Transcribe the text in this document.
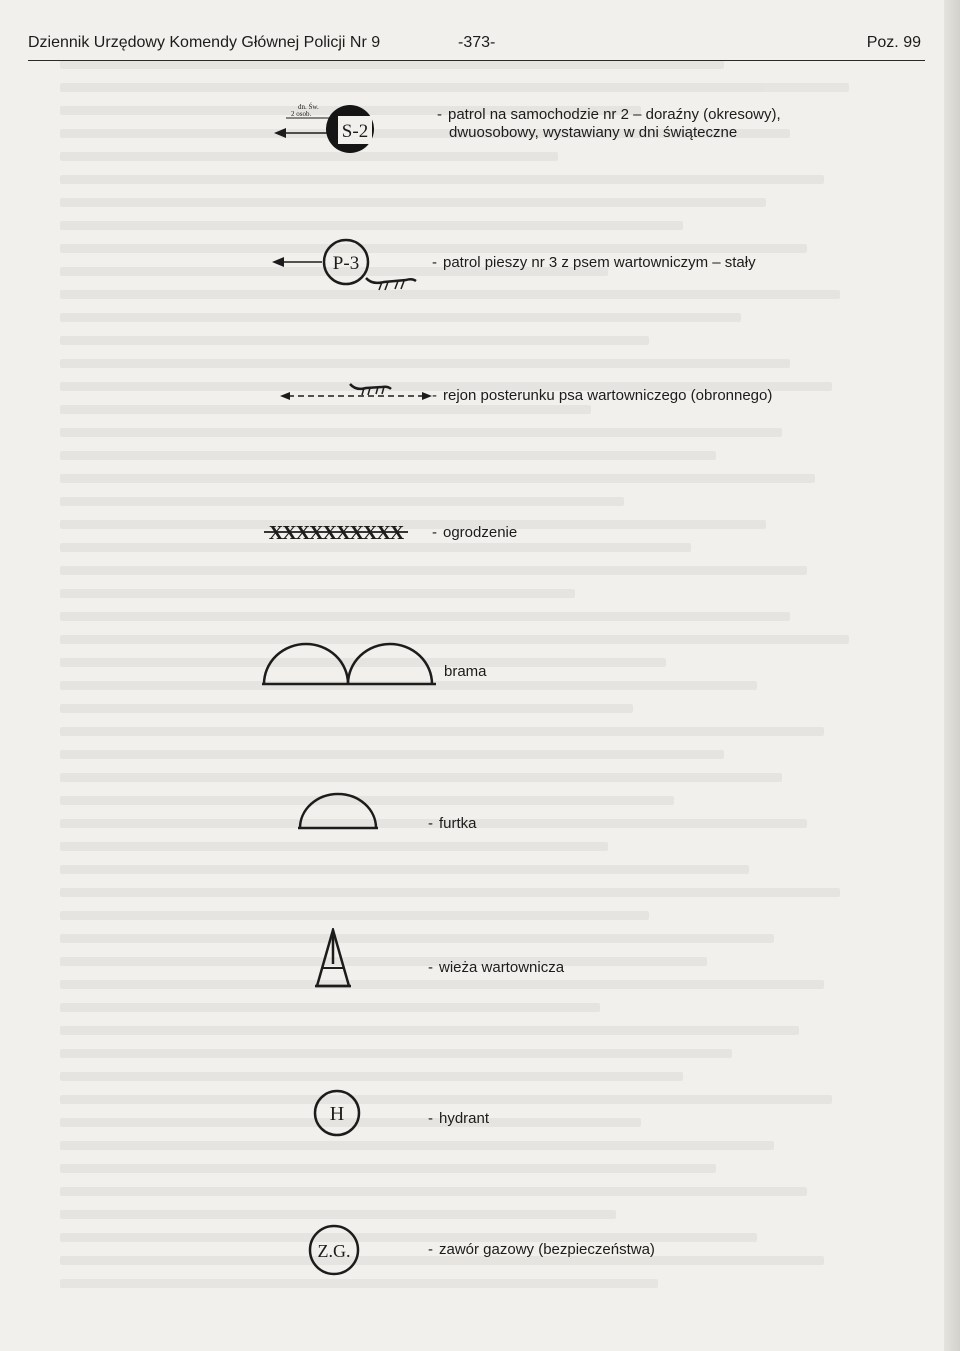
Dziennik Urzędowy Komendy Głównej Policji Nr 9	-373-	Poz. 99
S-2
dn. Św.
2 osob.	- patrol na samochodzie nr 2 – doraźny (okresowy),
dwuosobowy, wystawiany w dni świąteczne
P-3	- patrol pieszy nr 3 z psem wartowniczym – stały
- rejon posterunku psa wartowniczego (obronnego)
XXXXXXXXXX - ogrodzenie
brama
- furtka
- wieża wartownicza
H	- hydrant
Z.G.	- zawór gazowy (bezpieczeństwa)
